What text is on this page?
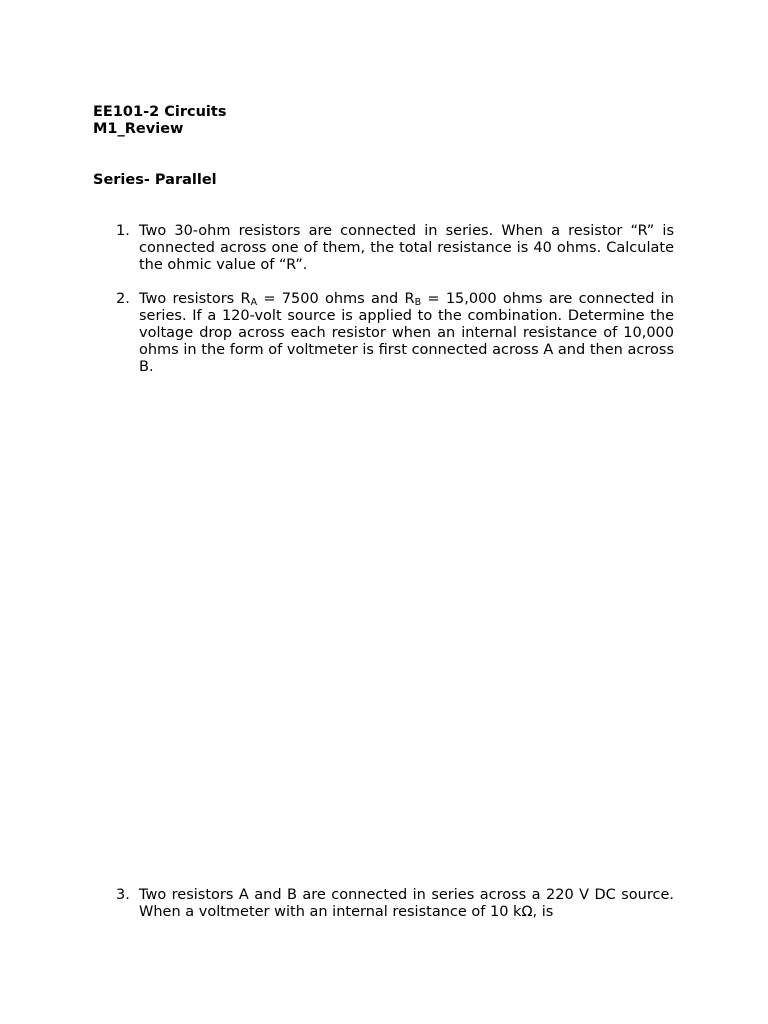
EE101-2 Circuits
M1_Review
Series- Parallel
1. Two 30-ohm resistors are connected in series. When a resistor “R” is connected across one of them, the total resistance is 40 ohms. Calculate the ohmic value of “R”.
2. Two resistors $R_A = 7500$ ohms and $R_B = 15,000$ ohms are connected in series. If a 120-volt source is applied to the combination. Determine the voltage drop across each resistor when an internal resistance of 10,000 ohms in the form of voltmeter is first connected across A and then across B.
3. Two resistors A and B are connected in series across a 220 V DC source. When a voltmeter with an internal resistance of 10 kΩ, is
